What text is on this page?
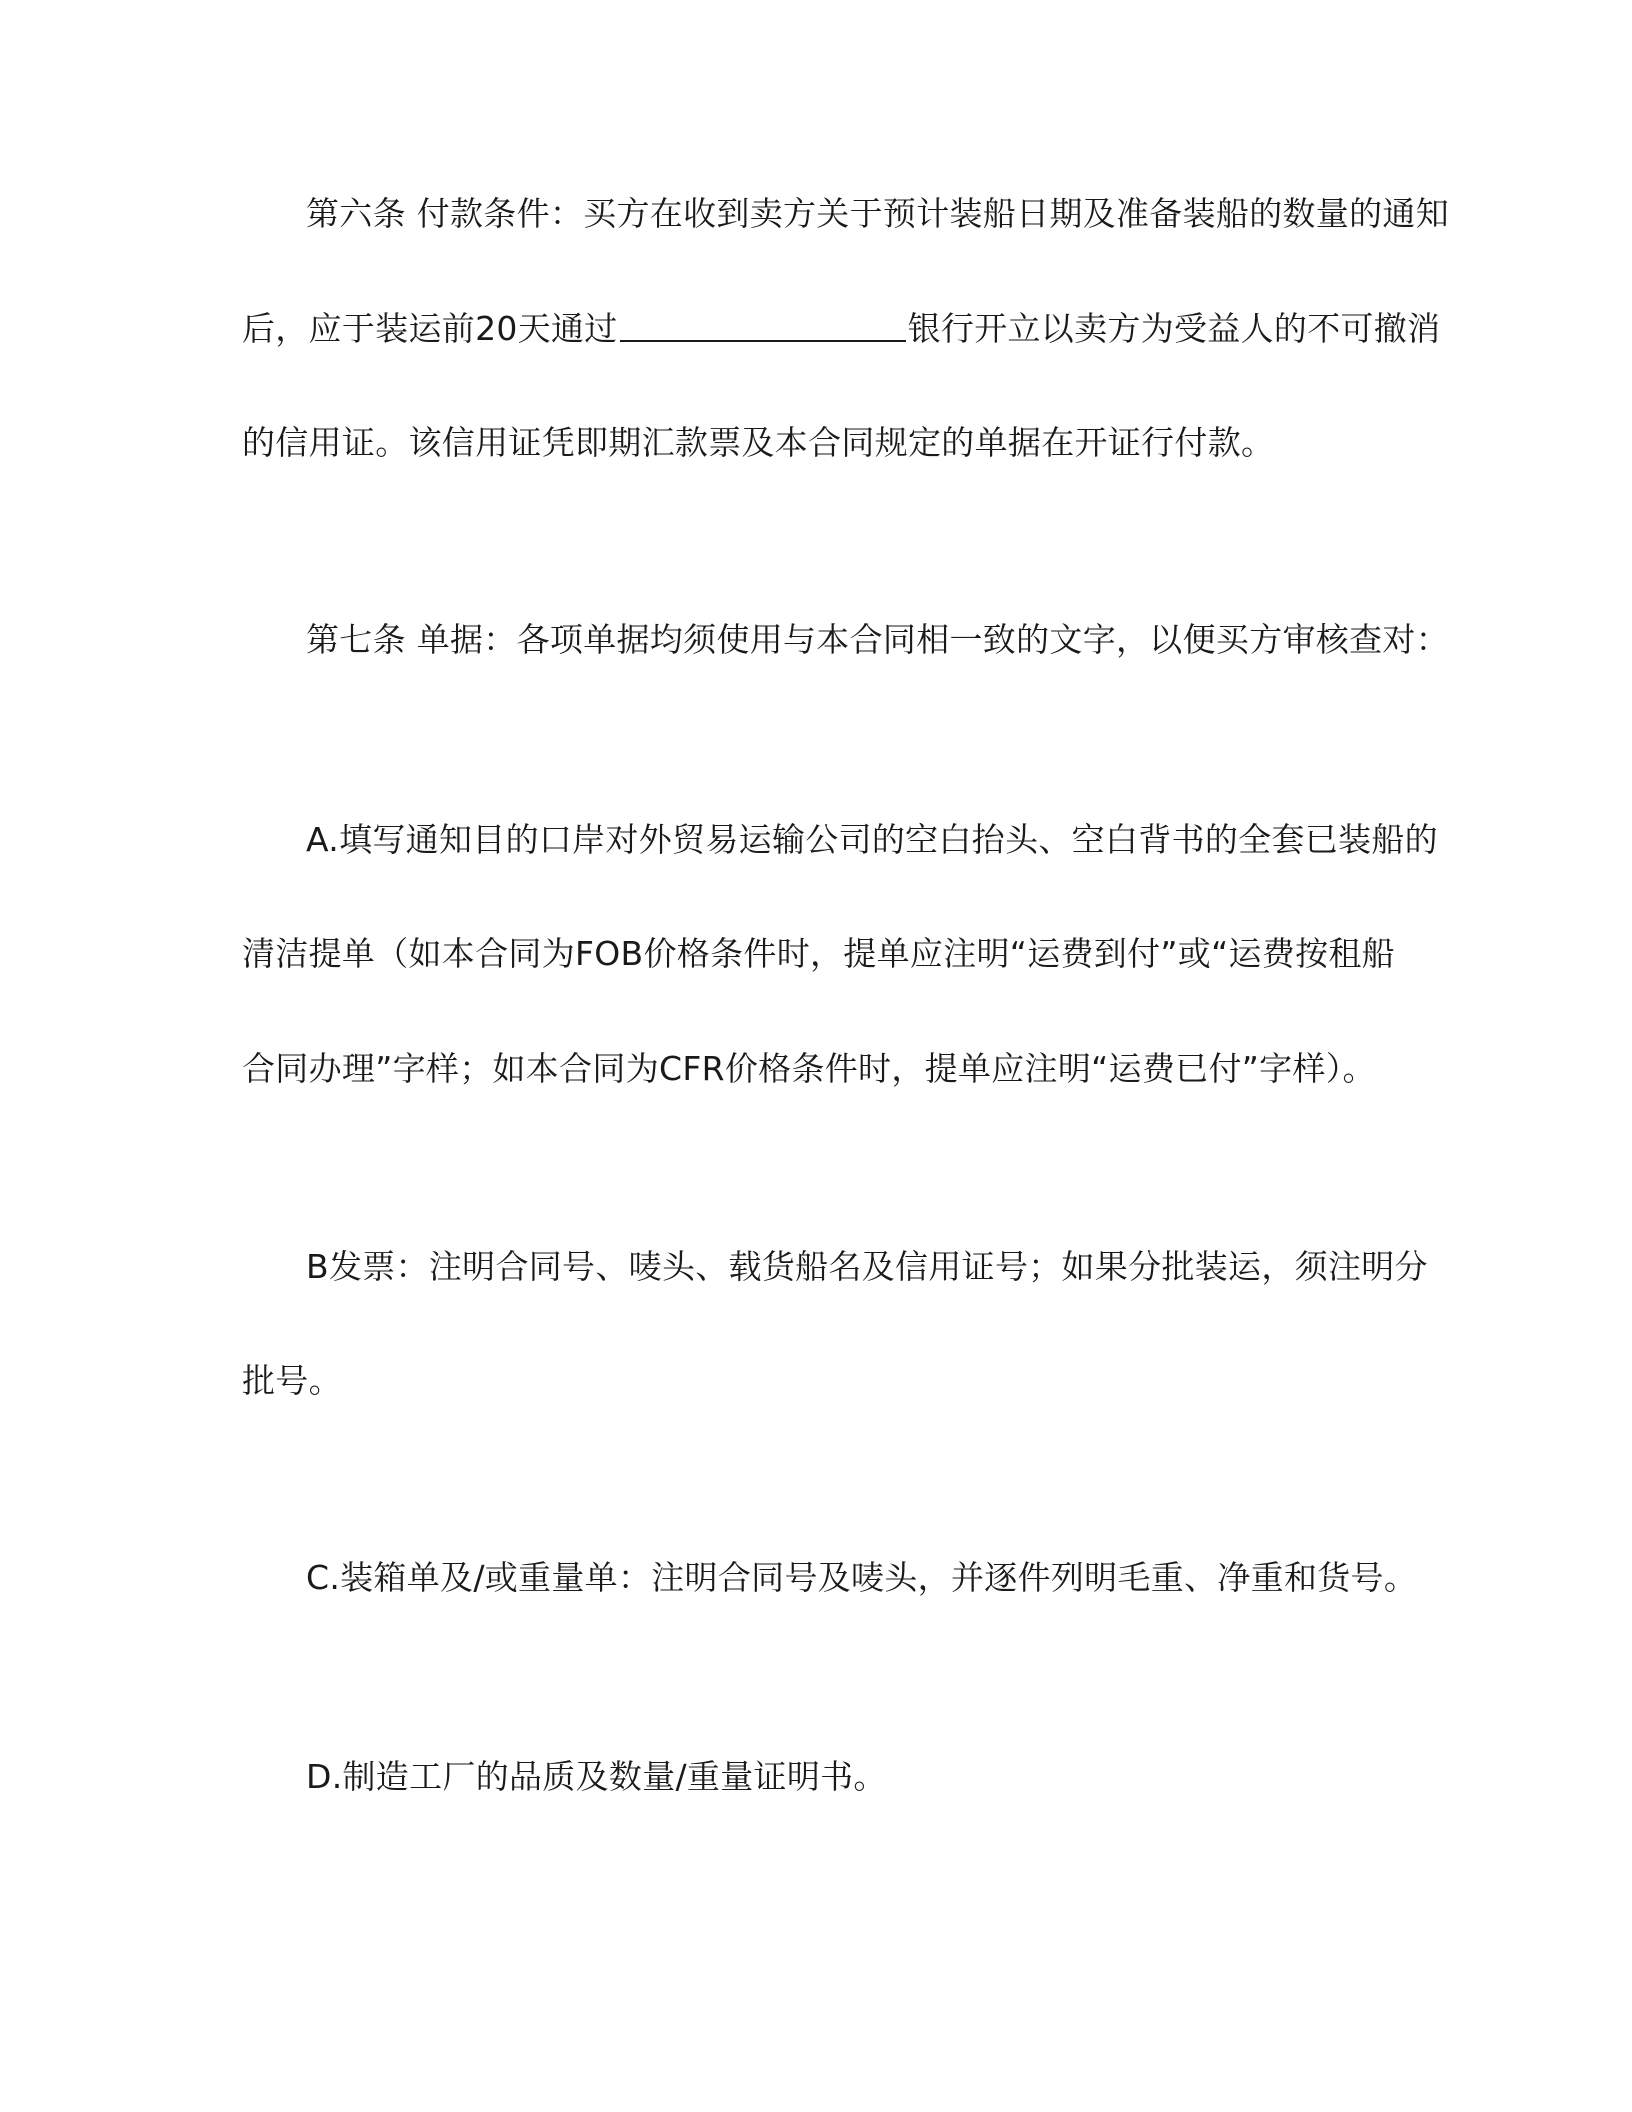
第六条 付款条件：买方在收到卖方关于预计装船日期及准备装船的数量的通知
后，应于装运前20天通过	银行开立以卖方为受益人的不可撤消
的信用证。该信用证凭即期汇款票及本合同规定的单据在开证行付款。
第七条 单据：各项单据均须使用与本合同相一致的文字，以便买方审核查对：
A.填写通知目的口岸对外贸易运输公司的空白抬头、空白背书的全套已装船的
清洁提单（如本合同为FOB价格条件时，提单应注明“运费到付”或“运费按租船
合同办理”字样；如本合同为CFR价格条件时，提单应注明“运费已付”字样）。
B发票：注明合同号、唛头、载货船名及信用证号；如果分批装运，须注明分
批号。
C.装箱单及/或重量单：注明合同号及唛头，并逐件列明毛重、净重和货号。
D.制造工厂的品质及数量/重量证明书。
